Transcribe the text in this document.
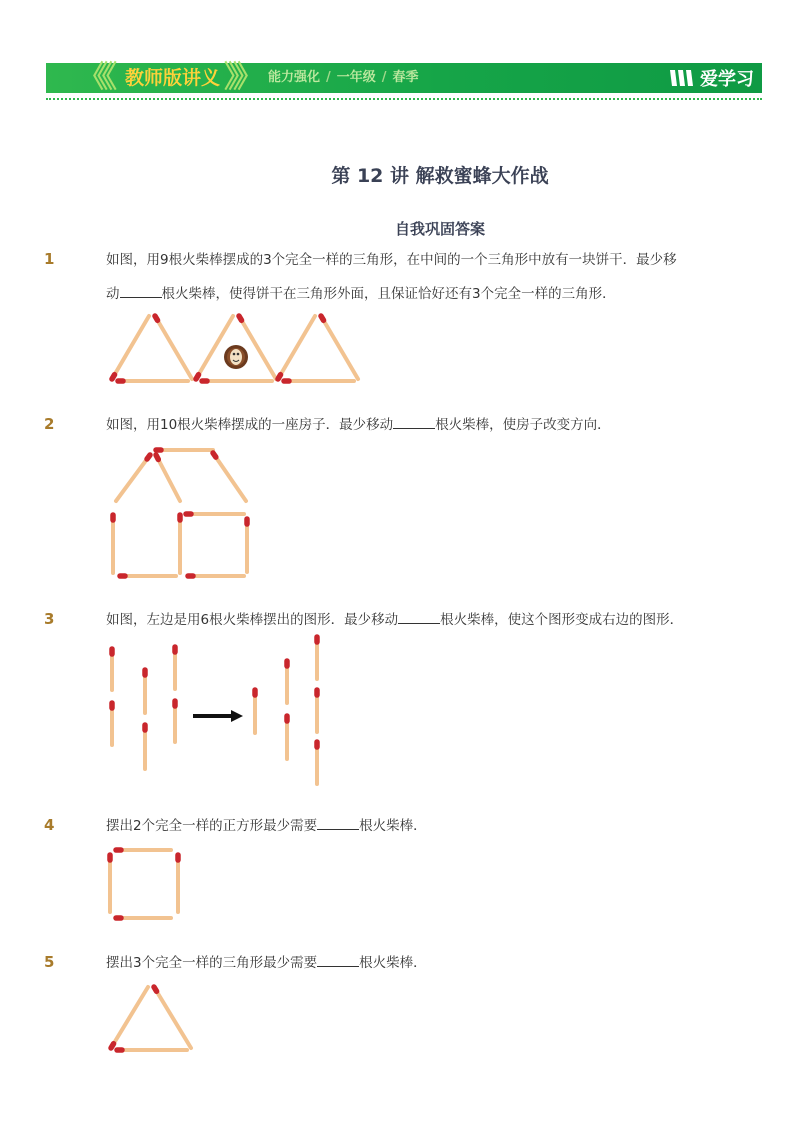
《《 教师版讲义 》》 能力强化 / 一年级 / 春季	爱学习
第 12 讲 解救蜜蜂大作战
自我巩固答案
1	如图，用9根火柴棒摆成的3个完全一样的三角形，在中间的一个三角形中放有一块饼干．最少移
动	根火柴棒，使得饼干在三角形外面，且保证恰好还有3个完全一样的三角形．
2	如图，用10根火柴棒摆成的一座房子．最少移动	根火柴棒，使房子改变方向．
3	如图，左边是用6根火柴棒摆出的图形．最少移动	根火柴棒，使这个图形变成右边的图形．
4	摆出2个完全一样的正方形最少需要	根火柴棒．
5	摆出3个完全一样的三角形最少需要	根火柴棒．
